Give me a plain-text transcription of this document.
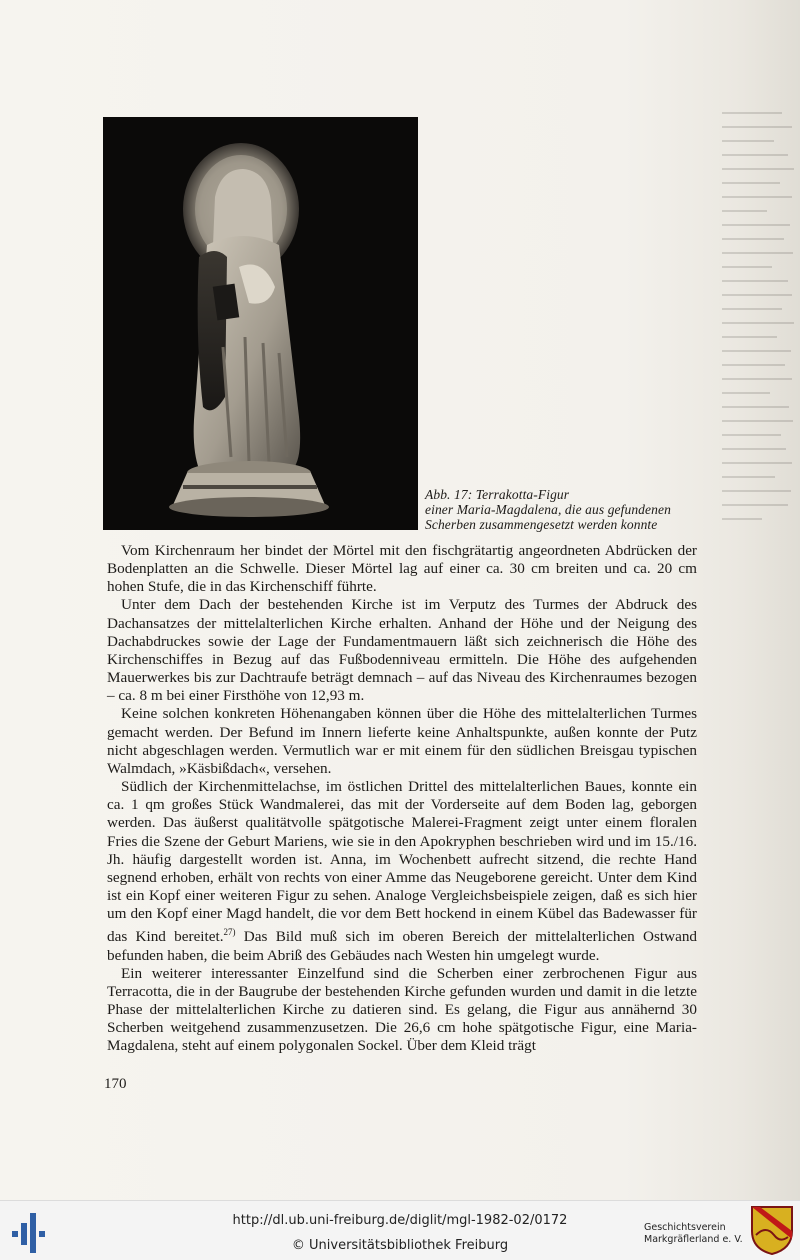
Abb. 17: Terrakotta-Figur
einer Maria-Magdalena, die aus gefundenen
Scherben zusammengesetzt werden konnte

Vom Kirchenraum her bindet der Mörtel mit den fischgrätartig angeordneten Abdrücken der Bodenplatten an die Schwelle. Dieser Mörtel lag auf einer ca. 30 cm breiten und ca. 20 cm hohen Stufe, die in das Kirchenschiff führte.

Unter dem Dach der bestehenden Kirche ist im Verputz des Turmes der Abdruck des Dachansatzes der mittelalterlichen Kirche erhalten. Anhand der Höhe und der Neigung des Dachabdruckes sowie der Lage der Fundamentmauern läßt sich zeichnerisch die Höhe des Kirchenschiffes in Bezug auf das Fußbodenniveau ermitteln. Die Höhe des aufgehenden Mauerwerkes bis zur Dachtraufe beträgt demnach – auf das Niveau des Kirchenraumes bezogen – ca. 8 m bei einer Firsthöhe von 12,93 m.

Keine solchen konkreten Höhenangaben können über die Höhe des mittelalterlichen Turmes gemacht werden. Der Befund im Innern lieferte keine Anhaltspunkte, außen konnte der Putz nicht abgeschlagen werden. Vermutlich war er mit einem für den südlichen Breisgau typischen Walmdach, »Käsbißdach«, versehen.

Südlich der Kirchenmittelachse, im östlichen Drittel des mittelalterlichen Baues, konnte ein ca. 1 qm großes Stück Wandmalerei, das mit der Vorderseite auf dem Boden lag, geborgen werden. Das äußerst qualitätvolle spätgotische Malerei-Fragment zeigt unter einem floralen Fries die Szene der Geburt Mariens, wie sie in den Apokryphen beschrieben wird und im 15./16. Jh. häufig dargestellt worden ist. Anna, im Wochenbett aufrecht sitzend, die rechte Hand segnend erhoben, erhält von rechts von einer Amme das Neugeborene gereicht. Unter dem Kind ist ein Kopf einer weiteren Figur zu sehen. Analoge Vergleichsbeispiele zeigen, daß es sich hier um den Kopf einer Magd handelt, die vor dem Bett hockend in einem Kübel das Badewasser für das Kind bereitet.$^{27)}$ Das Bild muß sich im oberen Bereich der mittelalterlichen Ostwand befunden haben, die beim Abriß des Gebäudes nach Westen hin umgelegt wurde.

Ein weiterer interessanter Einzelfund sind die Scherben einer zerbrochenen Figur aus Terracotta, die in der Baugrube der bestehenden Kirche gefunden wurden und damit in die letzte Phase der mittelalterlichen Kirche zu datieren sind. Es gelang, die Figur aus annähernd 30 Scherben weitgehend zusammenzusetzen. Die 26,6 cm hohe spätgotische Figur, eine Maria-Magdalena, steht auf einem polygonalen Sockel. Über dem Kleid trägt

170
http://dl.ub.uni-freiburg.de/diglit/mgl-1982-02/0172
© Universitätsbibliothek Freiburg
Geschichtsverein
Markgräflerland e. V.
